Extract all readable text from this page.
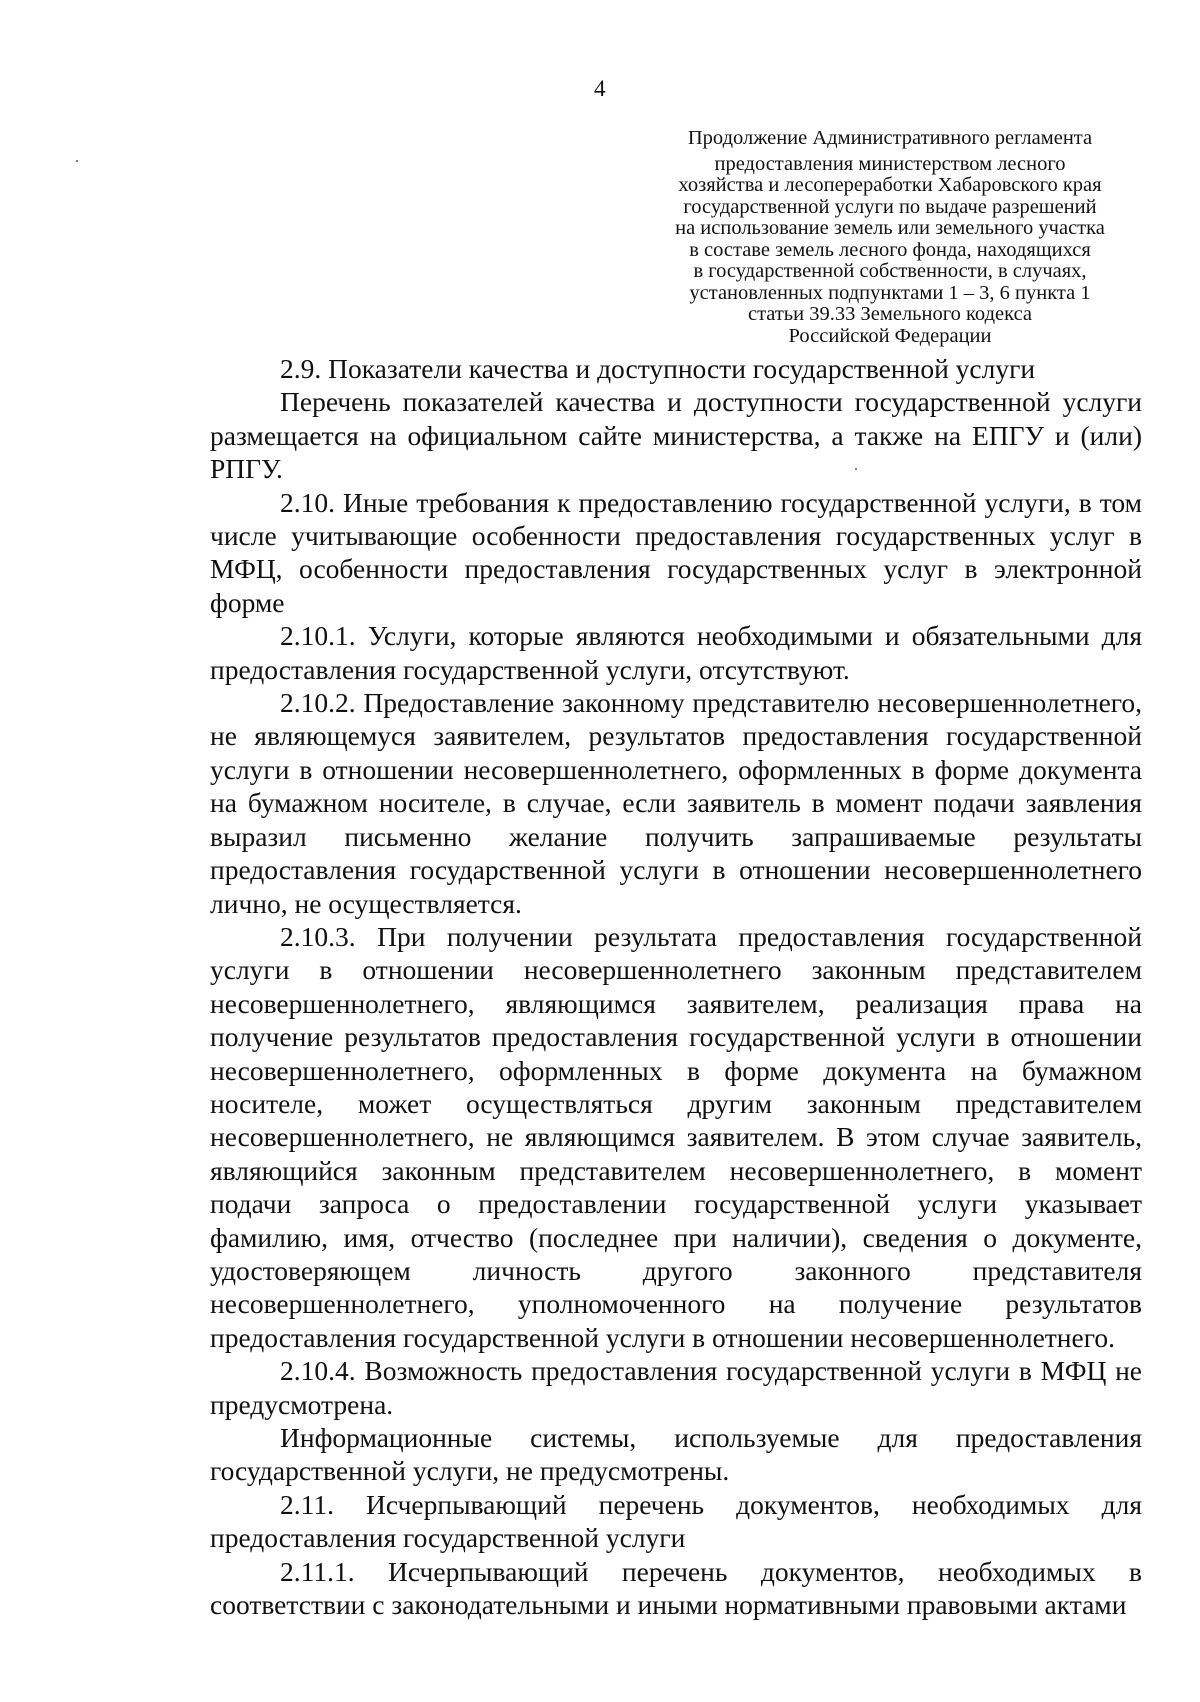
4
Продолжение Административного регламента
предоставления министерством лесного
хозяйства и лесопереработки Хабаровского края
государственной услуги по выдаче разрешений
на использование земель или земельного участка
в составе земель лесного фонда, находящихся
в государственной собственности, в случаях,
установленных подпунктами 1 – 3, 6 пункта 1
статьи 39.33 Земельного кодекса
Российской Федерации

2.9. Показатели качества и доступности государственной услуги

Перечень показателей качества и доступности государственной услуги размещается на официальном сайте министерства, а также на ЕПГУ и (или) РПГУ.

2.10. Иные требования к предоставлению государственной услуги, в том числе учитывающие особенности предоставления государственных услуг в МФЦ, особенности предоставления государственных услуг в электронной форме

2.10.1. Услуги, которые являются необходимыми и обязательными для предоставления государственной услуги, отсутствуют.

2.10.2. Предоставление законному представителю несовершеннолетнего, не являющемуся заявителем, результатов предоставления государственной услуги в отношении несовершеннолетнего, оформленных в форме документа на бумажном носителе, в случае, если заявитель в момент подачи заявления выразил письменно желание получить запрашиваемые результаты предоставления государственной услуги в отношении несовершеннолетнего лично, не осуществляется.

2.10.3. При получении результата предоставления государственной услуги в отношении несовершеннолетнего законным представителем несовершеннолетнего, являющимся заявителем, реализация права на получение результатов предоставления государственной услуги в отношении несовершеннолетнего, оформленных в форме документа на бумажном носителе, может осуществляться другим законным представителем несовершеннолетнего, не являющимся заявителем. В этом случае заявитель, являющийся законным представителем несовершеннолетнего, в момент подачи запроса о предоставлении государственной услуги указывает фамилию, имя, отчество (последнее при наличии), сведения о документе, удостоверяющем личность другого законного представителя несовершеннолетнего, уполномоченного на получение результатов предоставления государственной услуги в отношении несовершеннолетнего.

2.10.4. Возможность предоставления государственной услуги в МФЦ не предусмотрена.

Информационные системы, используемые для предоставления государственной услуги, не предусмотрены.

2.11. Исчерпывающий перечень документов, необходимых для предоставления государственной услуги

2.11.1. Исчерпывающий перечень документов, необходимых в соответствии с законодательными и иными нормативными правовыми актами
